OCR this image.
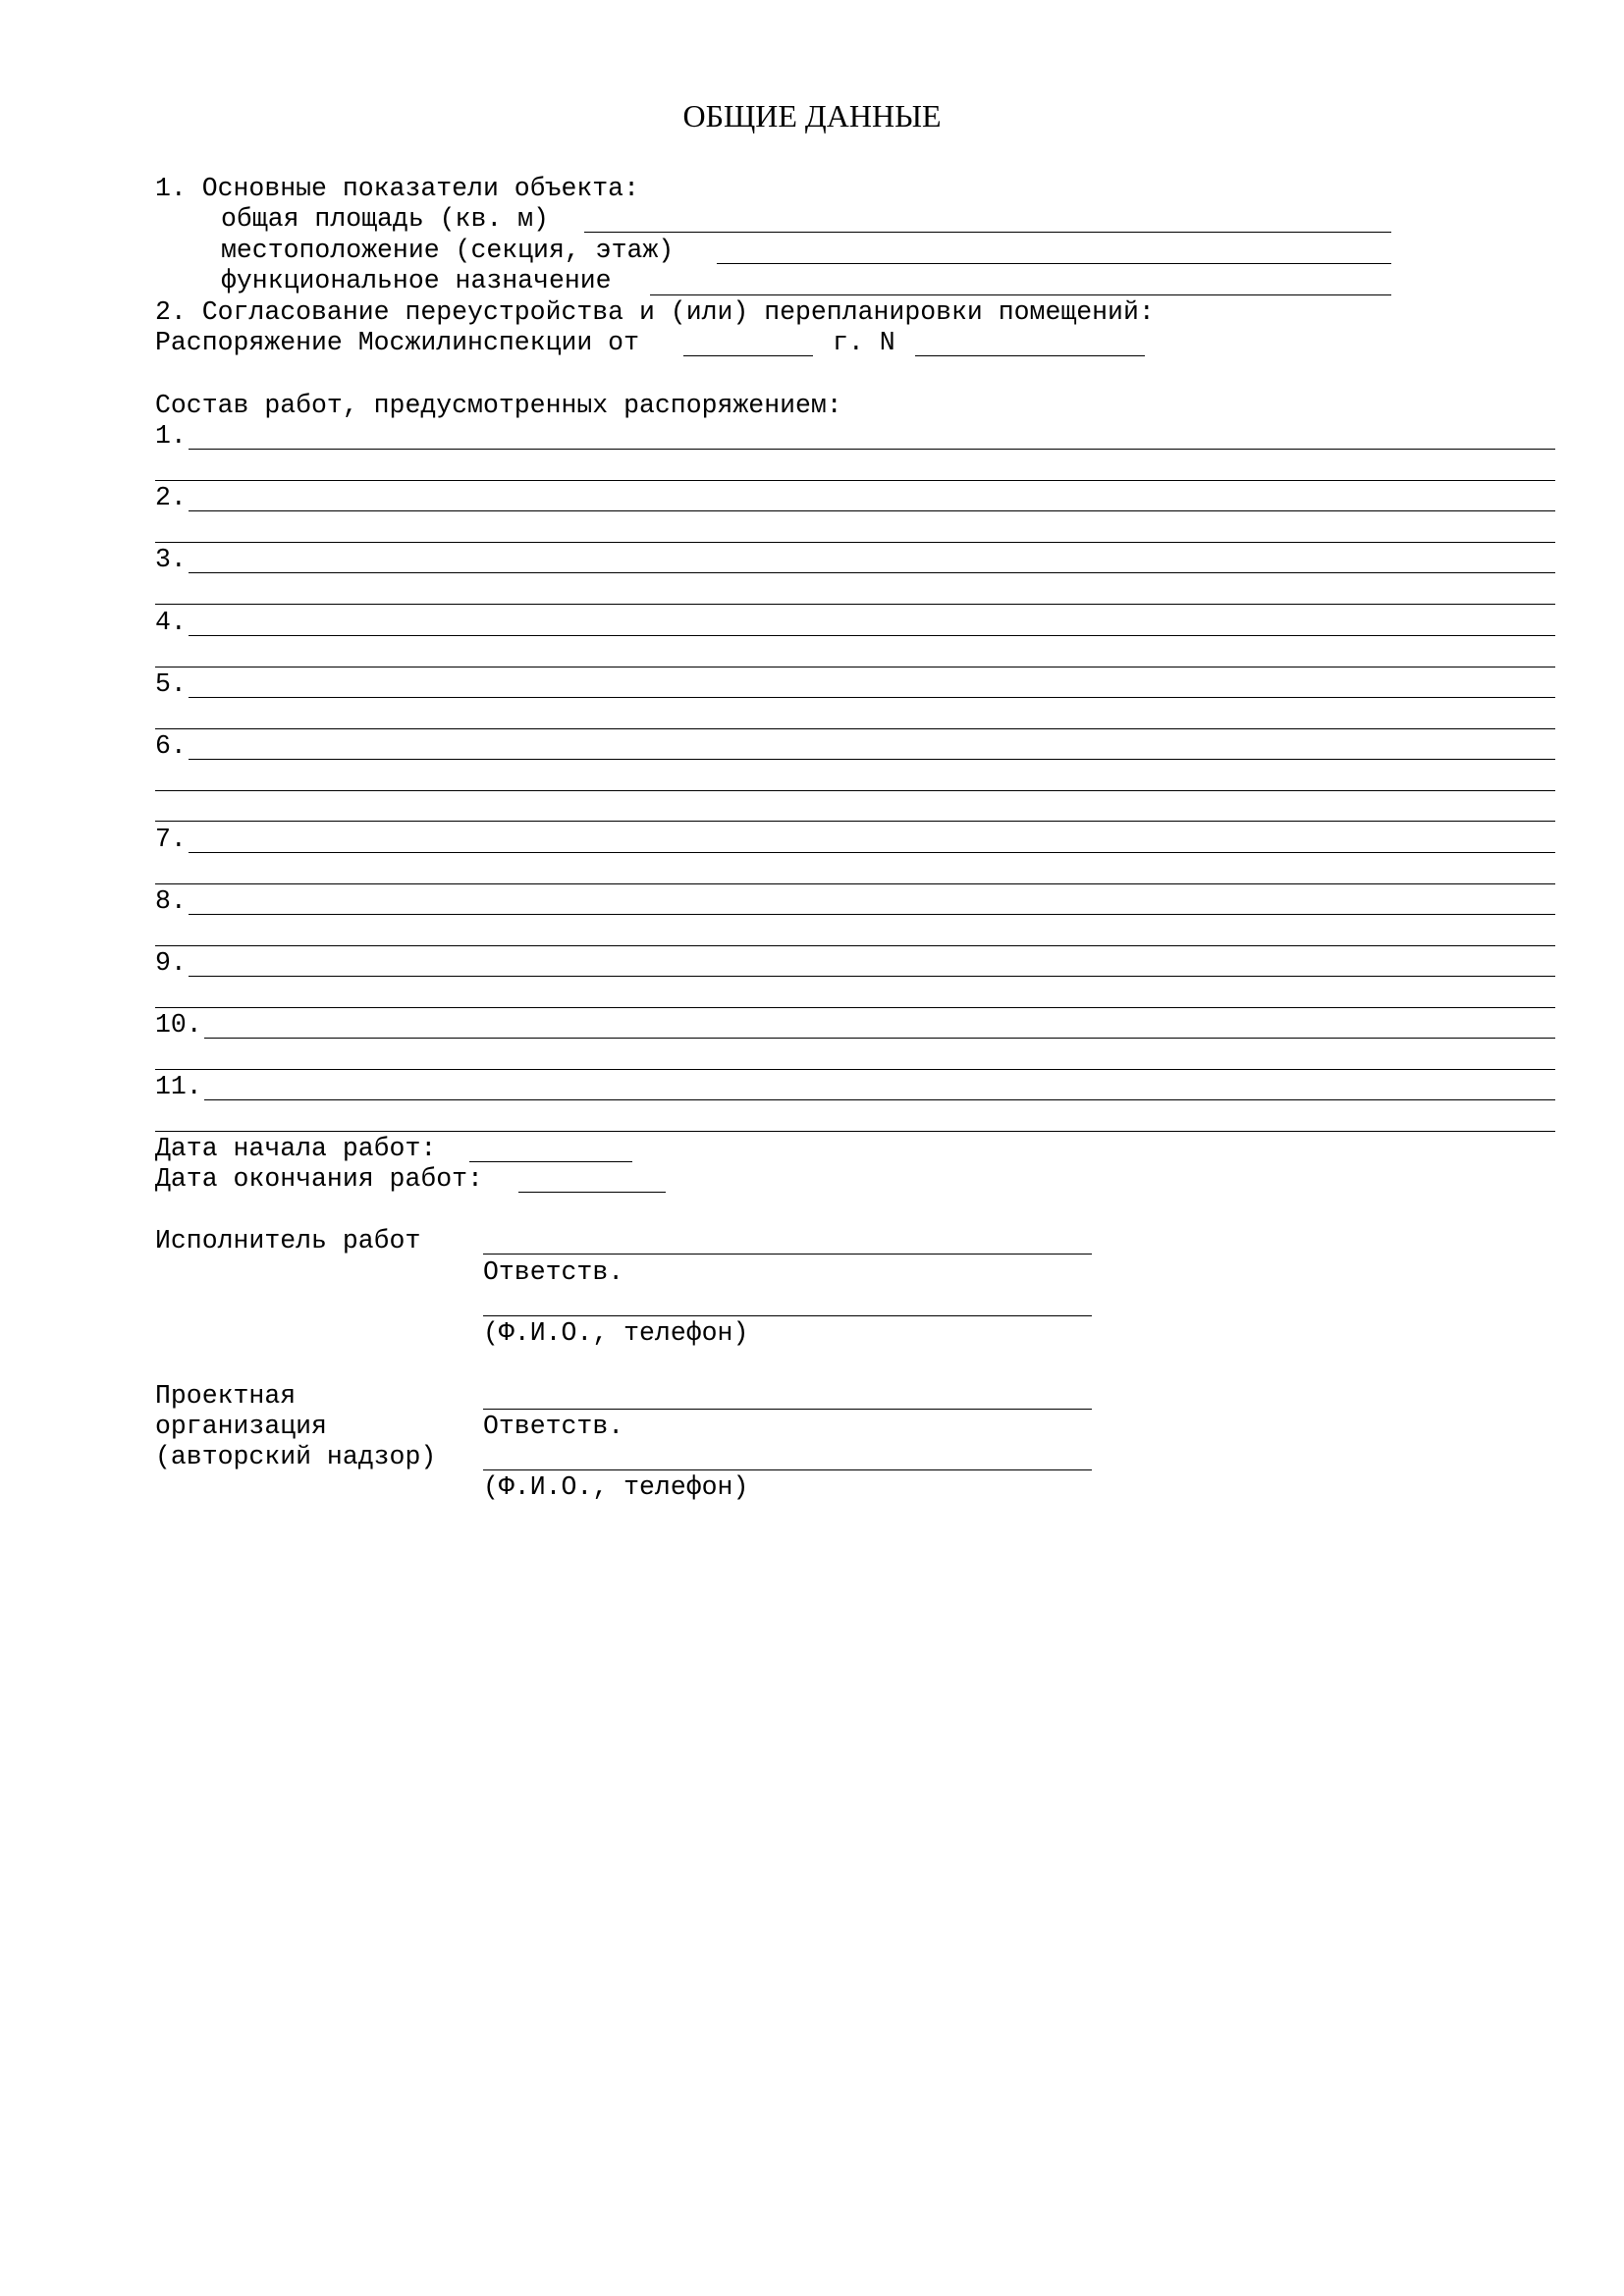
ОБЩИЕ ДАННЫЕ
1. Основные показатели объекта:
общая площадь (кв. м)
местоположение (секция, этаж)
функциональное назначение
2. Согласование переустройства и (или) перепланировки помещений:
Распоряжение Мосжилинспекции от	г. N
Состав работ, предусмотренных распоряжением:
1.
2.
3.
4.
5.
6.
7.
8.
9.
10.
11.
Дата начала работ:
Дата окончания работ:
Исполнитель работ
Ответств.
(Ф.И.О., телефон)
Проектная
организация
(авторский надзор)
Ответств.
(Ф.И.О., телефон)
